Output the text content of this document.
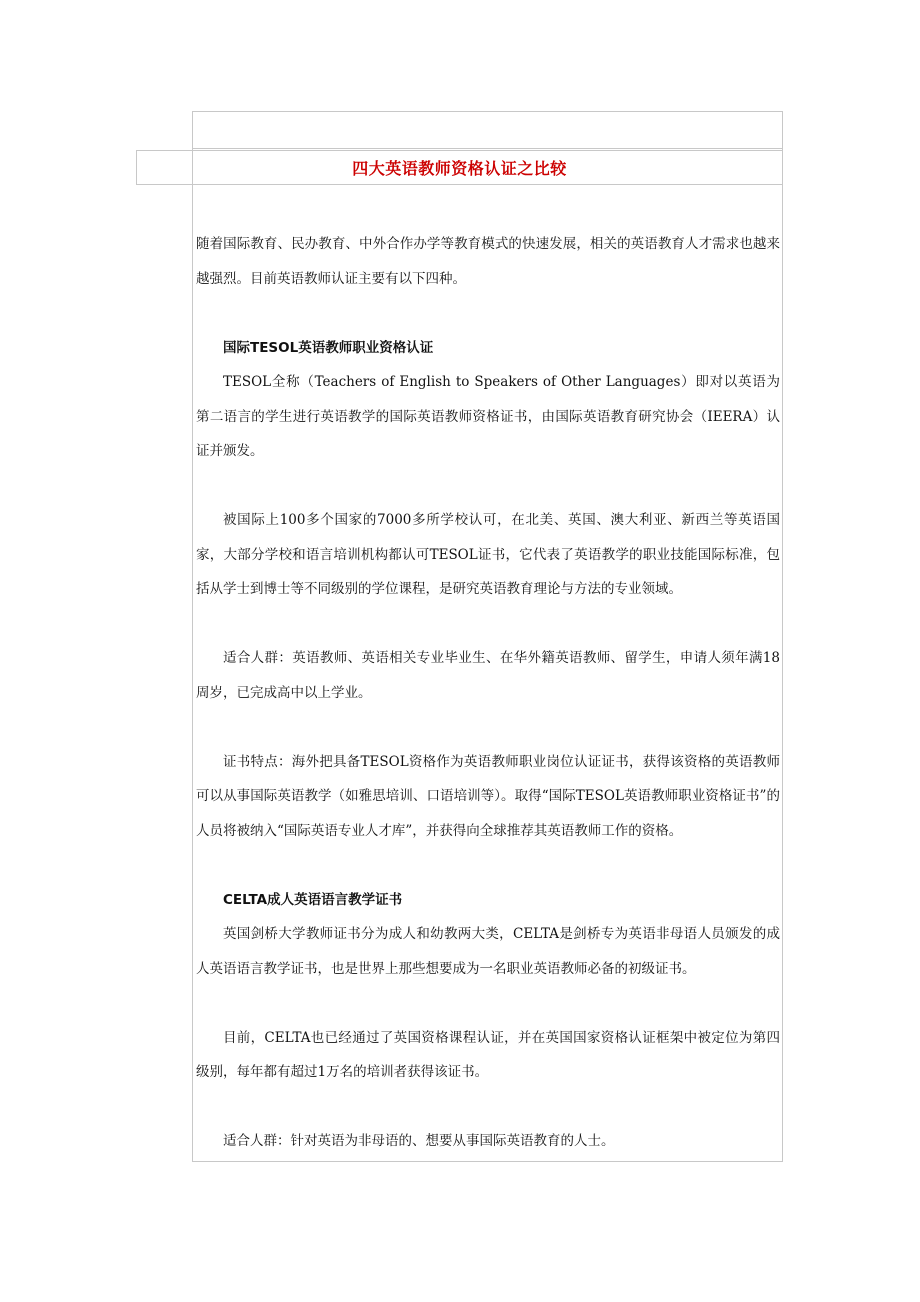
四大英语教师资格认证之比较

随着国际教育、民办教育、中外合作办学等教育模式的快速发展，相关的英语教育人才需求也越来越强烈。目前英语教师认证主要有以下四种。

国际TESOL英语教师职业资格认证

TESOL全称（Teachers of English to Speakers of Other Languages）即对以英语为第二语言的学生进行英语教学的国际英语教师资格证书，由国际英语教育研究协会（IEERA）认证并颁发。

被国际上100多个国家的7000多所学校认可，在北美、英国、澳大利亚、新西兰等英语国家，大部分学校和语言培训机构都认可TESOL证书，它代表了英语教学的职业技能国际标准，包括从学士到博士等不同级别的学位课程，是研究英语教育理论与方法的专业领域。

适合人群：英语教师、英语相关专业毕业生、在华外籍英语教师、留学生，申请人须年满18周岁，已完成高中以上学业。

证书特点：海外把具备TESOL资格作为英语教师职业岗位认证证书，获得该资格的英语教师可以从事国际英语教学（如雅思培训、口语培训等）。取得“国际TESOL英语教师职业资格证书”的人员将被纳入“国际英语专业人才库”，并获得向全球推荐其英语教师工作的资格。

CELTA成人英语语言教学证书

英国剑桥大学教师证书分为成人和幼教两大类，CELTA是剑桥专为英语非母语人员颁发的成人英语语言教学证书，也是世界上那些想要成为一名职业英语教师必备的初级证书。

目前，CELTA也已经通过了英国资格课程认证，并在英国国家资格认证框架中被定位为第四级别，每年都有超过1万名的培训者获得该证书。

适合人群：针对英语为非母语的、想要从事国际英语教育的人士。
